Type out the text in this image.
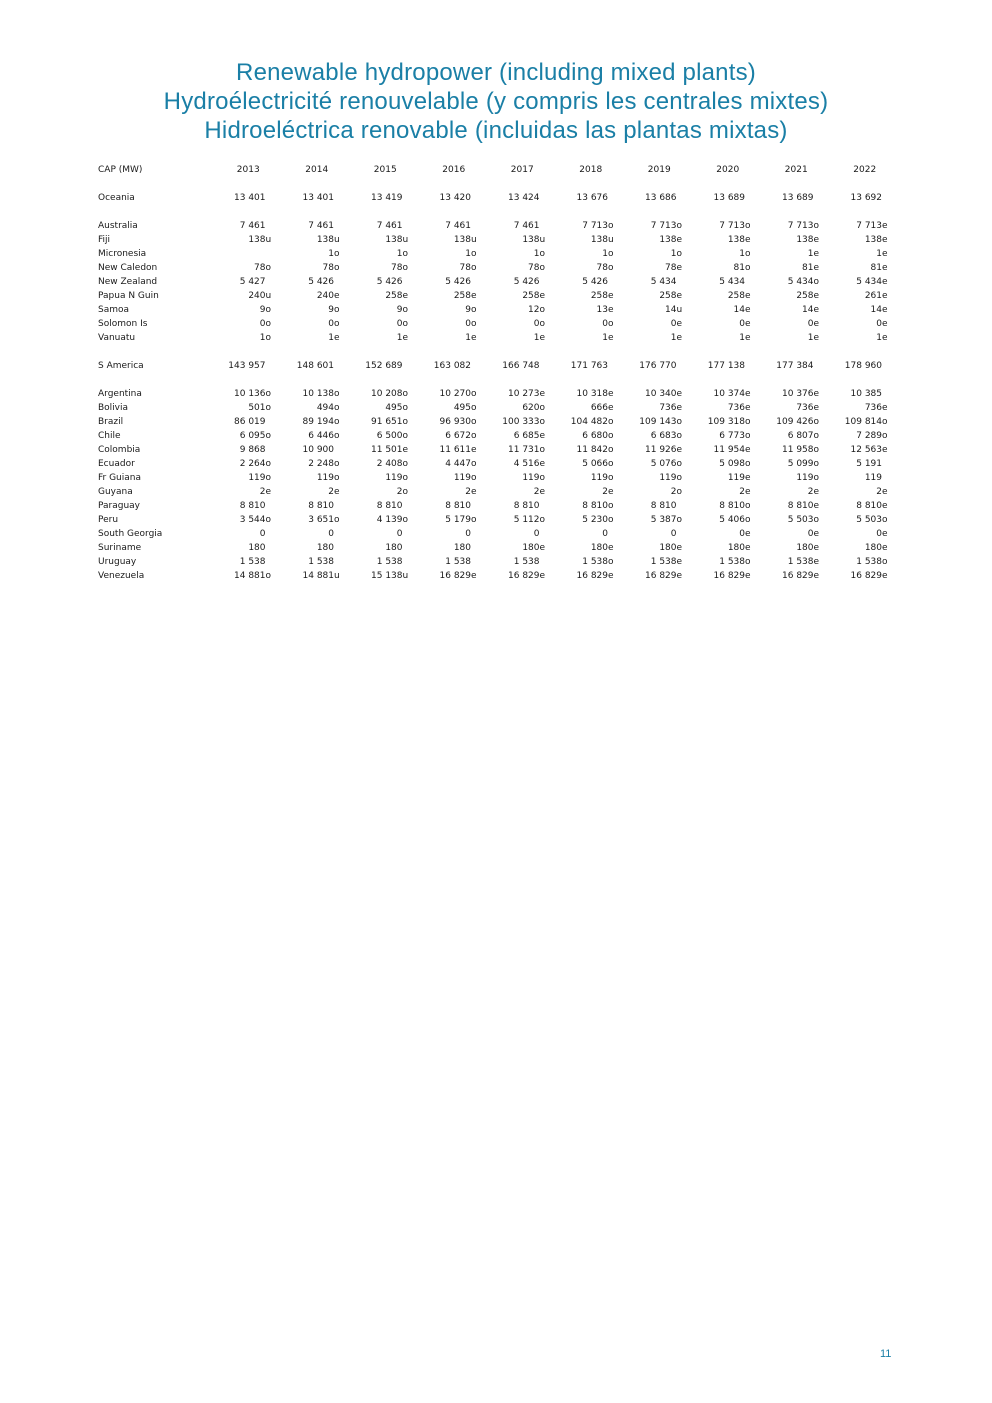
Renewable hydropower (including mixed plants)
Hydroélectricité renouvelable (y compris les centrales mixtes)
Hidroeléctrica renovable (incluidas las plantas mixtas)
CAP (MW)	2013		2014		2015		2016		2017		2018		2019		2020		2021		2022	

Oceania	13 401		13 401		13 419		13 420		13 424		13 676		13 686		13 689		13 689		13 692	

Australia	7 461		7 461		7 461		7 461		7 461		7 713	o	7 713	o	7 713	o	7 713	o	7 713	e
Fiji	138	u	138	u	138	u	138	u	138	u	138	u	138	e	138	e	138	e	138	e
Micronesia			1	o	1	o	1	o	1	o	1	o	1	o	1	o	1	e	1	e
New Caledon	78	o	78	o	78	o	78	o	78	o	78	o	78	e	81	o	81	e	81	e
New Zealand	5 427		5 426		5 426		5 426		5 426		5 426		5 434		5 434		5 434	o	5 434	e
Papua N Guin	240	u	240	e	258	e	258	e	258	e	258	e	258	e	258	e	258	e	261	e
Samoa	9	o	9	o	9	o	9	o	12	o	13	e	14	u	14	e	14	e	14	e
Solomon Is	0	o	0	o	0	o	0	o	0	o	0	o	0	e	0	e	0	e	0	e
Vanuatu	1	o	1	e	1	e	1	e	1	e	1	e	1	e	1	e	1	e	1	e

S America	143 957		148 601		152 689		163 082		166 748		171 763		176 770		177 138		177 384		178 960	

Argentina	10 136	o	10 138	o	10 208	o	10 270	o	10 273	e	10 318	e	10 340	e	10 374	e	10 376	e	10 385	
Bolivia	501	o	494	o	495	o	495	o	620	o	666	e	736	e	736	e	736	e	736	e
Brazil	86 019		89 194	o	91 651	o	96 930	o	100 333	o	104 482	o	109 143	o	109 318	o	109 426	o	109 814	o
Chile	6 095	o	6 446	o	6 500	o	6 672	o	6 685	e	6 680	o	6 683	o	6 773	o	6 807	o	7 289	o
Colombia	9 868		10 900		11 501	e	11 611	e	11 731	o	11 842	o	11 926	e	11 954	e	11 958	o	12 563	e
Ecuador	2 264	o	2 248	o	2 408	o	4 447	o	4 516	e	5 066	o	5 076	o	5 098	o	5 099	o	5 191	
Fr Guiana	119	o	119	o	119	o	119	o	119	o	119	o	119	o	119	e	119	o	119	
Guyana	2	e	2	e	2	o	2	e	2	e	2	e	2	o	2	e	2	e	2	e
Paraguay	8 810		8 810		8 810		8 810		8 810		8 810	o	8 810		8 810	o	8 810	e	8 810	e
Peru	3 544	o	3 651	o	4 139	o	5 179	o	5 112	o	5 230	o	5 387	o	5 406	o	5 503	o	5 503	o
South Georgia	0		0		0		0		0		0		0		0	e	0	e	0	e
Suriname	180		180		180		180		180	e	180	e	180	e	180	e	180	e	180	e
Uruguay	1 538		1 538		1 538		1 538		1 538		1 538	o	1 538	e	1 538	o	1 538	e	1 538	o
Venezuela	14 881	o	14 881	u	15 138	u	16 829	e	16 829	e	16 829	e	16 829	e	16 829	e	16 829	e	16 829	e
11
